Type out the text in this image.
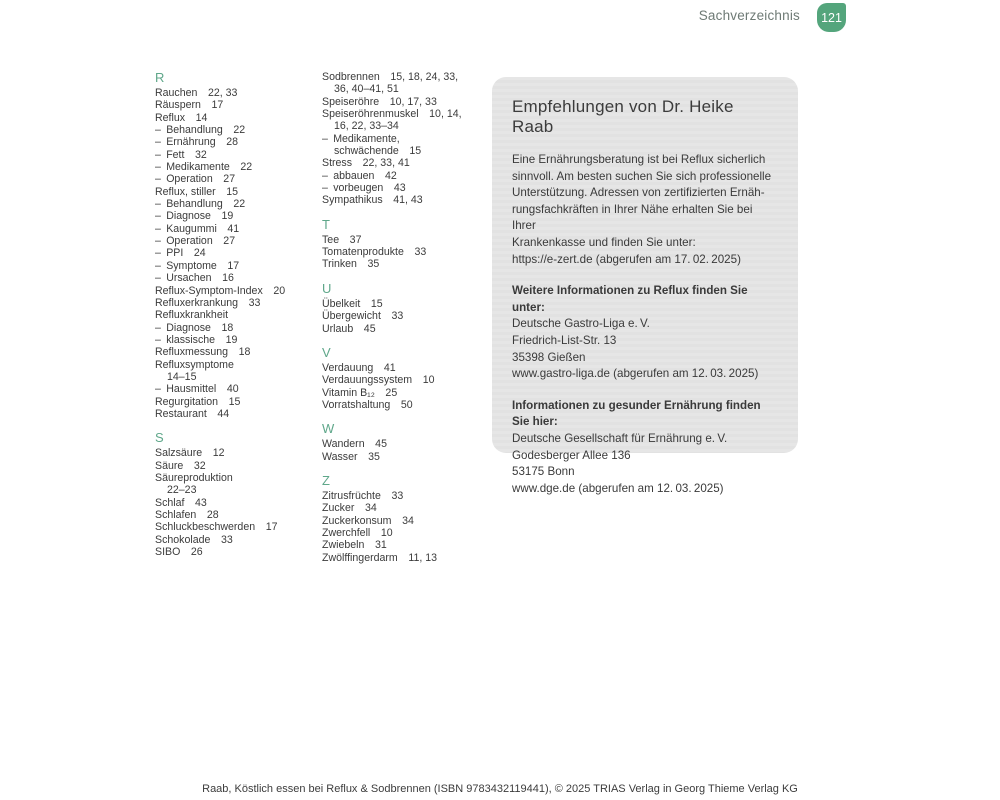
Sachverzeichnis	121
R
Rauchen 22, 33
Räuspern 17
Reflux 14
– Behandlung 22
– Ernährung 28
– Fett 32
– Medikamente 22
– Operation 27
Reflux, stiller 15
– Behandlung 22
– Diagnose 19
– Kaugummi 41
– Operation 27
– PPI 24
– Symptome 17
– Ursachen 16
Reflux-Symptom-Index 20
Refluxerkrankung 33
Refluxkrankheit
– Diagnose 18
– klassische 19
Refluxmessung 18
Refluxsymptome
14–15
– Hausmittel 40
Regurgitation 15
Restaurant 44
S
Salzsäure 12
Säure 32
Säureproduktion
22–23
Schlaf 43
Schlafen 28
Schluckbeschwerden 17
Schokolade 33
SIBO 26
Sodbrennen 15, 18, 24, 33,
36, 40–41, 51
Speiseröhre 10, 17, 33
Speiseröhrenmuskel 10, 14,
16, 22, 33–34
– Medikamente,
schwächende 15
Stress 22, 33, 41
– abbauen 42
– vorbeugen 43
Sympathikus 41, 43
T
Tee 37
Tomatenprodukte 33
Trinken 35
U
Übelkeit 15
Übergewicht 33
Urlaub 45
V
Verdauung 41
Verdauungssystem 10
Vitamin B₁₂ 25
Vorratshaltung 50
W
Wandern 45
Wasser 35
Z
Zitrusfrüchte 33
Zucker 34
Zuckerkonsum 34
Zwerchfell 10
Zwiebeln 31
Zwölffingerdarm 11, 13
Empfehlungen von Dr. Heike Raab
Eine Ernährungsberatung ist bei Reflux sicherlich
sinnvoll. Am besten suchen Sie sich professionelle
Unterstützung. Adressen von zertifizierten Ernäh-
rungsfachkräften in Ihrer Nähe erhalten Sie bei Ihrer
Krankenkasse und finden Sie unter:
https://e-zert.de (abgerufen am 17. 02. 2025)
Weitere Informationen zu Reflux finden Sie unter:
Deutsche Gastro-Liga e. V.
Friedrich-List-Str. 13
35398 Gießen
www.gastro-liga.de (abgerufen am 12. 03. 2025)
Informationen zu gesunder Ernährung finden Sie hier:
Deutsche Gesellschaft für Ernährung e. V.
Godesberger Allee 136
53175 Bonn
www.dge.de (abgerufen am 12. 03. 2025)
Raab, Köstlich essen bei Reflux & Sodbrennen (ISBN 9783432119441), © 2025 TRIAS Verlag in Georg Thieme Verlag KG
